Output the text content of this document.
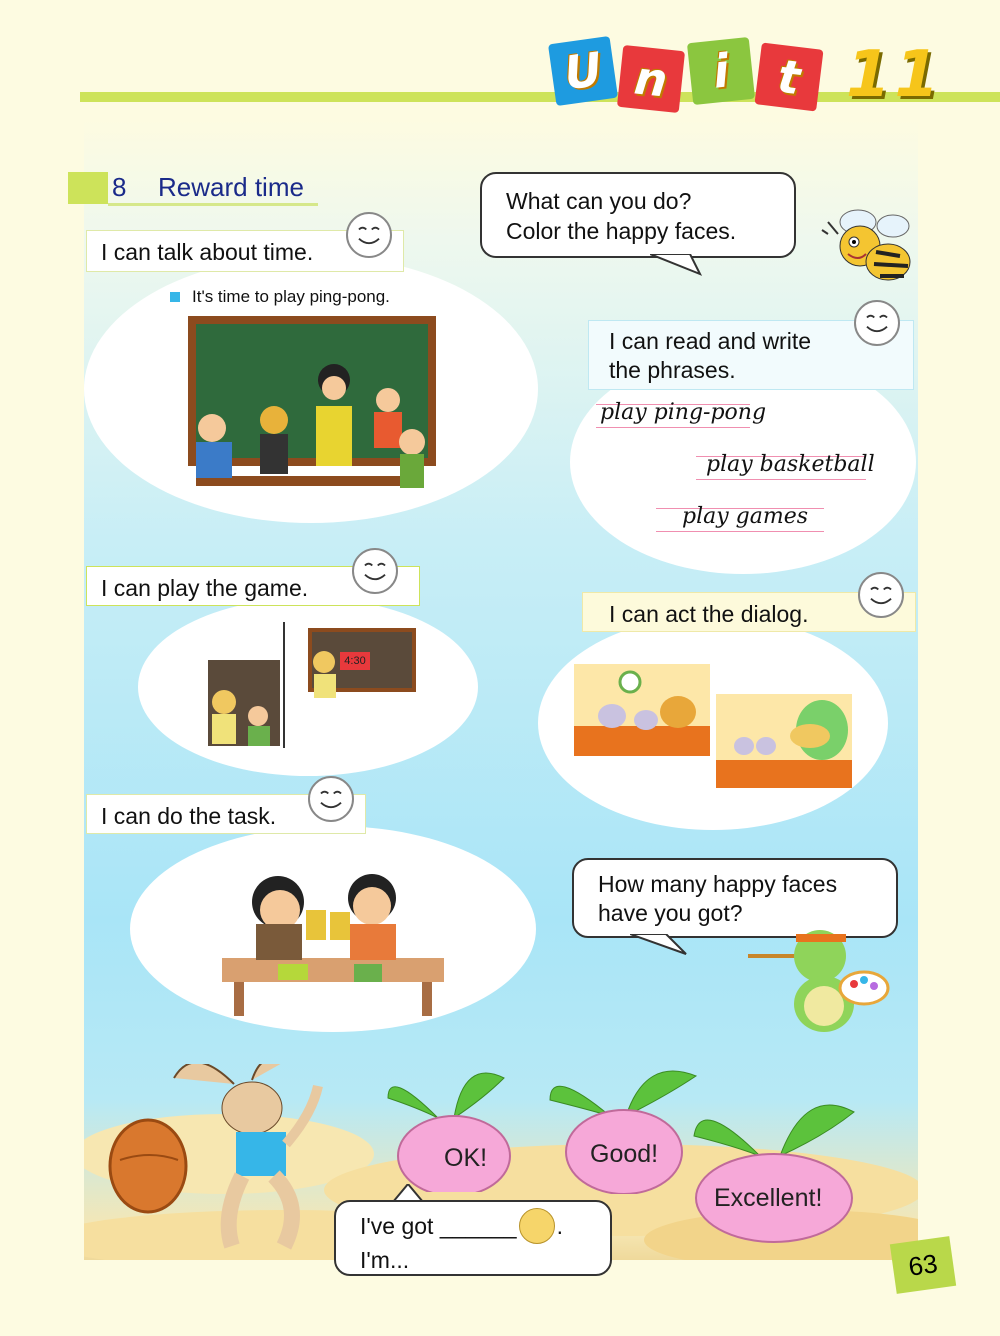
U n i t 11
8 Reward time	What can you do?
Color the happy faces.
I can talk about time.
It's time to play ping-pong.
I can read and write
the phrases.
play ping-pong
play basketball
play games
I can play the game.
4:30
I can act the dialog.
I can do the task.
How many happy faces
have you got?
OK!	Good!
Excellent!
I've got ______ .
I'm...	63
